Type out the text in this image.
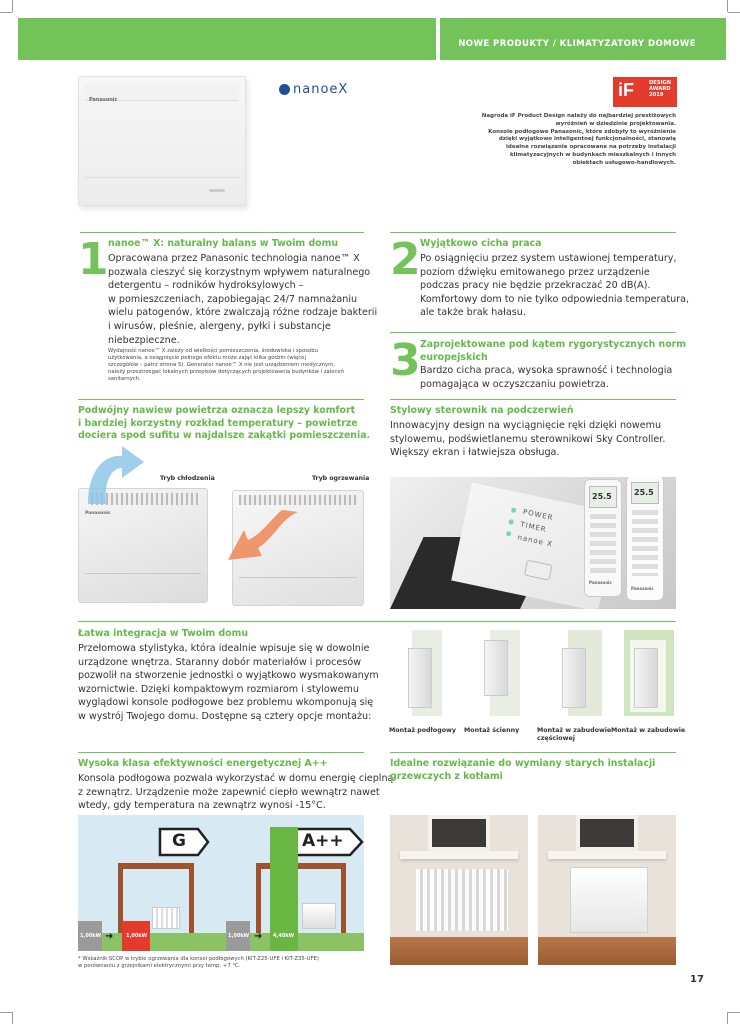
NOWE PRODUKTY / KLIMATYZATORY DOMOWE
Panasonic
nanoeX	iF	DESIGN
AWARD
2019
Nagroda iF Product Design należy do najbardziej prestiżowych
wyróżnień w dziedzinie projektowania.
Konsole podłogowe Panasonic, które zdobyły to wyróżnienie
dzięki wyjątkowo inteligentnej funkcjonalności, stanowią
idealne rozwiązanie opracowane na potrzeby instalacji
klimatyzacyjnych w budynkach mieszkalnych i innych
obiektach usługowo-handlowych.
1 nanoe™ X: naturalny balans w Twoim domu
Opracowana przez Panasonic technologia nanoe™ X
pozwala cieszyć się korzystnym wpływem naturalnego
detergentu – rodników hydroksylowych –
w pomieszczeniach, zapobiegając 24/7 namnażaniu
wielu patogenów, które zwalczają różne rodzaje bakterii
i wirusów, pleśnie, alergeny, pyłki i substancje
niebezpieczne.
Wydajność nanoe™ X zależy od wielkości pomieszczenia, środowiska i sposobu
użytkowania, a osiągnięcie pełnego efektu może zająć kilka godzin (więcej
szczegółów – patrz strona 5). Generator nanoe™ X nie jest urządzeniem medycznym,
należy przestrzegać lokalnych przepisów dotyczących projektowania budynków i zaleceń
sanitarnych.
2 Wyjątkowo cicha praca
Po osiągnięciu przez system ustawionej temperatury,
poziom dźwięku emitowanego przez urządzenie
podczas pracy nie będzie przekraczać 20 dB(A).
Komfortowy dom to nie tylko odpowiednia temperatura,
ale także brak hałasu.
3 Zaprojektowane pod kątem rygorystycznych norm
europejskich
Bardzo cicha praca, wysoka sprawność i technologia
pomagająca w oczyszczaniu powietrza.
Podwójny nawiew powietrza oznacza lepszy komfort
i bardziej korzystny rozkład temperatury – powietrze
dociera spod sufitu w najdalsze zakątki pomieszczenia.
Tryb chłodzenia	Tryb ogrzewania
Panasonic
Stylowy sterownik na podczerwień
Innowacyjny design na wyciągnięcie ręki dzięki nowemu
stylowemu, podświetlanemu sterownikowi Sky Controller.
Większy ekran i łatwiejsza obsługa.
POWER
TIMER
nanoe X
25.5
Panasonic
25.5
Panasonic
Łatwa integracja w Twoim domu
Przełomowa stylistyka, która idealnie wpisuje się w dowolnie
urządzone wnętrza. Staranny dobór materiałów i procesów
pozwolił na stworzenie jednostki o wyjątkowo wysmakowanym
wzornictwie. Dzięki kompaktowym rozmiarom i stylowemu
wyglądowi konsole podłogowe bez problemu wkomponują się
w wystrój Twojego domu. Dostępne są cztery opcje montażu:
Montaż podłogowy Montaż ścienny	Montaż w zabudowie
częściowej
Montaż w zabudowie
Wysoka klasa efektywności energetycznej A++
Konsola podłogowa pozwala wykorzystać w domu energię cieplną
z zewnątrz. Urządzenie może zapewnić ciepło wewnątrz nawet
wtedy, gdy temperatura na zewnątrz wynosi -15°C.
G	A++
1,00kW ➜	1,00kW	1,00kW ➜ 4,40kW
* Wskaźnik SCOP w trybie ogrzewania dla konsol podłogowych (KIT-Z25-UFE i KIT-Z35-UFE)
w porównaniu z grzejnikami elektrycznymi przy temp. +7 °C.
Idealne rozwiązanie do wymiany starych instalacji
grzewczych z kotłami
17
